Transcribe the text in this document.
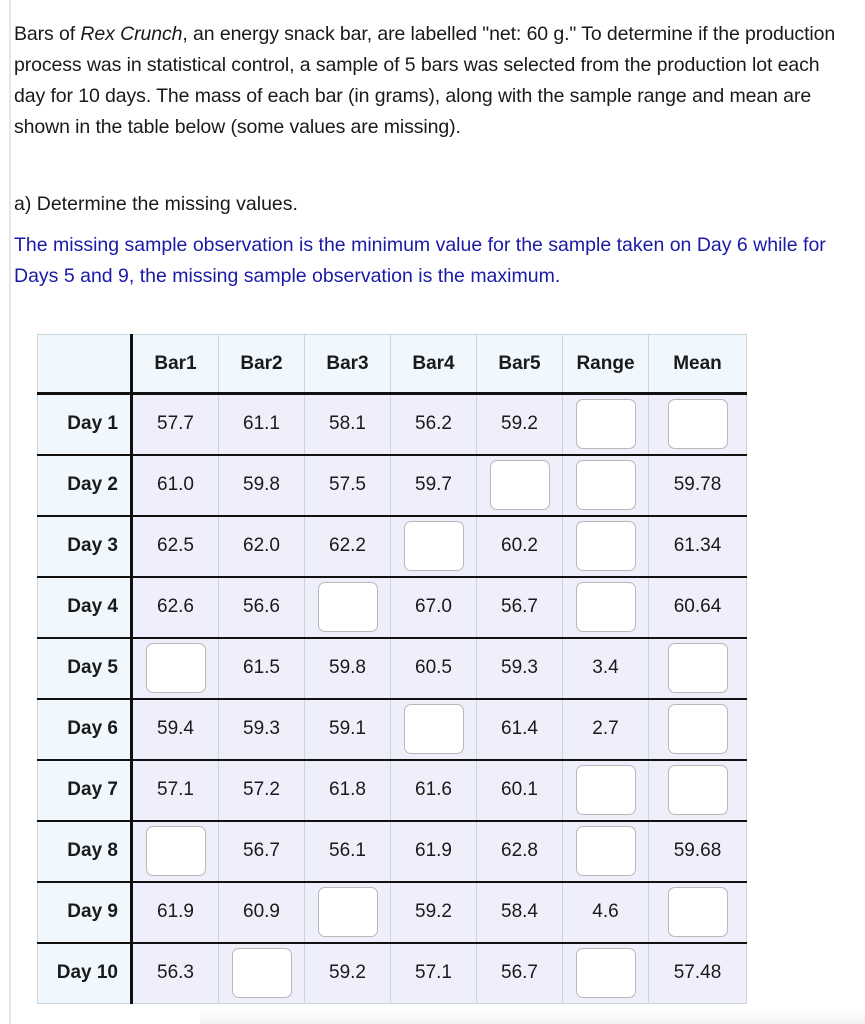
Bars of Rex Crunch, an energy snack bar, are labelled "net: 60 g." To determine if the production process was in statistical control, a sample of 5 bars was selected from the production lot each day for 10 days. The mass of each bar (in grams), along with the sample range and mean are shown in the table below (some values are missing).
a) Determine the missing values.
The missing sample observation is the minimum value for the sample taken on Day 6 while for Days 5 and 9, the missing sample observation is the maximum.
	Bar1	Bar2	Bar3	Bar4	Bar5	Range	Mean
Day 1	57.7	61.1	58.1	56.2	59.2		
Day 2	61.0	59.8	57.5	59.7			59.78
Day 3	62.5	62.0	62.2		60.2		61.34
Day 4	62.6	56.6		67.0	56.7		60.64
Day 5		61.5	59.8	60.5	59.3	3.4	
Day 6	59.4	59.3	59.1		61.4	2.7	
Day 7	57.1	57.2	61.8	61.6	60.1		
Day 8		56.7	56.1	61.9	62.8		59.68
Day 9	61.9	60.9		59.2	58.4	4.6	
Day 10	56.3		59.2	57.1	56.7		57.48
